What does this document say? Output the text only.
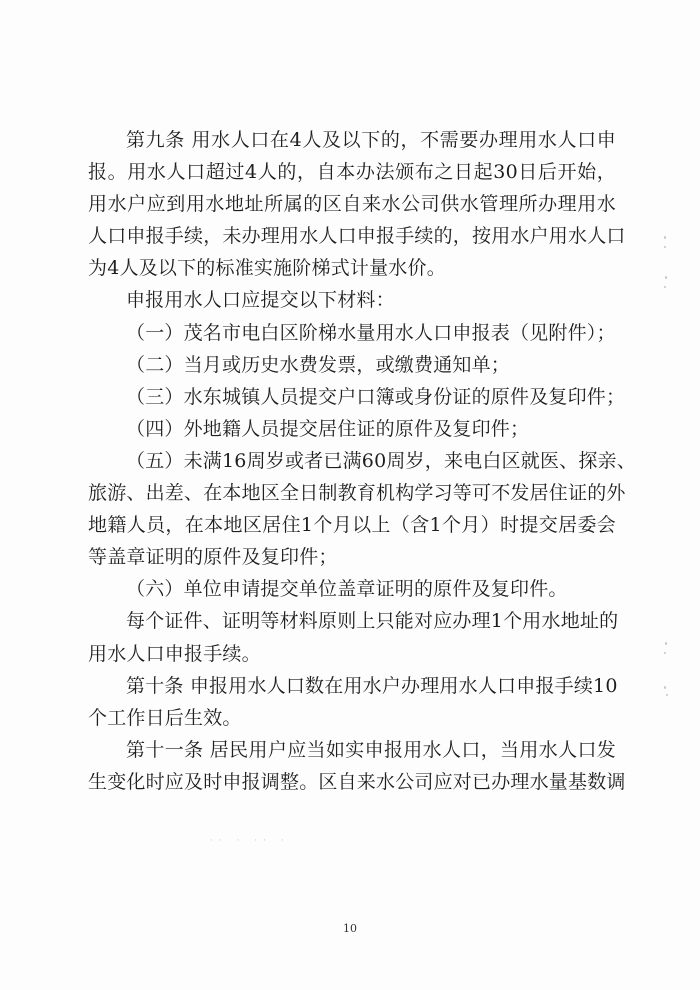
第九条 用水人口在4人及以下的，不需要办理用水人口申
报。用水人口超过4人的，自本办法颁布之日起30日后开始，
用水户应到用水地址所属的区自来水公司供水管理所办理用水
人口申报手续，未办理用水人口申报手续的，按用水户用水人口
为4人及以下的标准实施阶梯式计量水价。
申报用水人口应提交以下材料：
（一）茂名市电白区阶梯水量用水人口申报表（见附件）；
（二）当月或历史水费发票，或缴费通知单；
（三）水东城镇人员提交户口簿或身份证的原件及复印件；
（四）外地籍人员提交居住证的原件及复印件；
（五）未满16周岁或者已满60周岁，来电白区就医、探亲、
旅游、出差、在本地区全日制教育机构学习等可不发居住证的外
地籍人员，在本地区居住1个月以上（含1个月）时提交居委会
等盖章证明的原件及复印件；
（六）单位申请提交单位盖章证明的原件及复印件。
每个证件、证明等材料原则上只能对应办理1个用水地址的
用水人口申报手续。
第十条 申报用水人口数在用水户办理用水人口申报手续10
个工作日后生效。
第十一条 居民用户应当如实申报用水人口，当用水人口发
生变化时应及时申报调整。区自来水公司应对已办理水量基数调
·· · ·· ·
10
